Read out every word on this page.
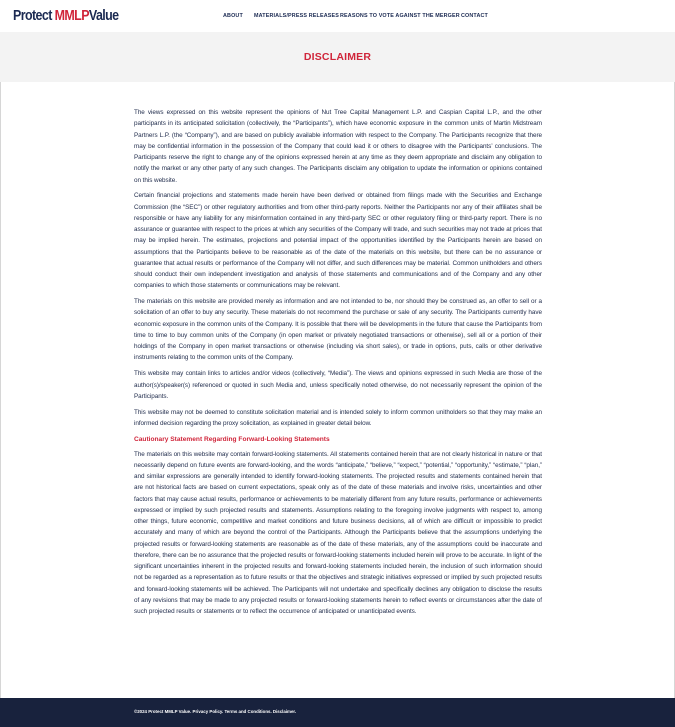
Protect MMLPValue	ABOUT MATERIALS/PRESS RELEASES REASONS TO VOTE AGAINST THE MERGER CONTACT
DISCLAIMER

The views expressed on this website represent the opinions of Nut Tree Capital Management L.P. and Caspian Capital L.P., and the other participants in its anticipated solicitation (collectively, the “Participants”), which have economic exposure in the common units of Martin Midstream Partners L.P. (the “Company”), and are based on publicly available information with respect to the Company. The Participants recognize that there may be confidential information in the possession of the Company that could lead it or others to disagree with the Participants’ conclusions. The Participants reserve the right to change any of the opinions expressed herein at any time as they deem appropriate and disclaim any obligation to notify the market or any other party of any such changes. The Participants disclaim any obligation to update the information or opinions contained on this website.

Certain financial projections and statements made herein have been derived or obtained from filings made with the Securities and Exchange Commission (the “SEC”) or other regulatory authorities and from other third-party reports. Neither the Participants nor any of their affiliates shall be responsible or have any liability for any misinformation contained in any third-party SEC or other regulatory filing or third-party report. There is no assurance or guarantee with respect to the prices at which any securities of the Company will trade, and such securities may not trade at prices that may be implied herein. The estimates, projections and potential impact of the opportunities identified by the Participants herein are based on assumptions that the Participants believe to be reasonable as of the date of the materials on this website, but there can be no assurance or guarantee that actual results or performance of the Company will not differ, and such differences may be material. Common unitholders and others should conduct their own independent investigation and analysis of those statements and communications and of the Company and any other companies to which those statements or communications may be relevant.

The materials on this website are provided merely as information and are not intended to be, nor should they be construed as, an offer to sell or a solicitation of an offer to buy any security. These materials do not recommend the purchase or sale of any security. The Participants currently have economic exposure in the common units of the Company. It is possible that there will be developments in the future that cause the Participants from time to time to buy common units of the Company (in open market or privately negotiated transactions or otherwise), sell all or a portion of their holdings of the Company in open market transactions or otherwise (including via short sales), or trade in options, puts, calls or other derivative instruments relating to the common units of the Company.

This website may contain links to articles and/or videos (collectively, “Media”). The views and opinions expressed in such Media are those of the author(s)/speaker(s) referenced or quoted in such Media and, unless specifically noted otherwise, do not necessarily represent the opinion of the Participants.

This website may not be deemed to constitute solicitation material and is intended solely to inform common unitholders so that they may make an informed decision regarding the proxy solicitation, as explained in greater detail below.

Cautionary Statement Regarding Forward-Looking Statements

The materials on this website may contain forward-looking statements. All statements contained herein that are not clearly historical in nature or that necessarily depend on future events are forward-looking, and the words “anticipate,” “believe,” “expect,” “potential,” “opportunity,” “estimate,” “plan,” and similar expressions are generally intended to identify forward-looking statements. The projected results and statements contained herein that are not historical facts are based on current expectations, speak only as of the date of these materials and involve risks, uncertainties and other factors that may cause actual results, performance or achievements to be materially different from any future results, performance or achievements expressed or implied by such projected results and statements. Assumptions relating to the foregoing involve judgments with respect to, among other things, future economic, competitive and market conditions and future business decisions, all of which are difficult or impossible to predict accurately and many of which are beyond the control of the Participants. Although the Participants believe that the assumptions underlying the projected results or forward-looking statements are reasonable as of the date of these materials, any of the assumptions could be inaccurate and therefore, there can be no assurance that the projected results or forward-looking statements included herein will prove to be accurate. In light of the significant uncertainties inherent in the projected results and forward-looking statements included herein, the inclusion of such information should not be regarded as a representation as to future results or that the objectives and strategic initiatives expressed or implied by such projected results and forward-looking statements will be achieved. The Participants will not undertake and specifically declines any obligation to disclose the results of any revisions that may be made to any projected results or forward-looking statements herein to reflect events or circumstances after the date of such projected results or statements or to reflect the occurrence of anticipated or unanticipated events.

©2024 Protect MMLP Value. Privacy Policy. Terms and Conditions. Disclaimer.
